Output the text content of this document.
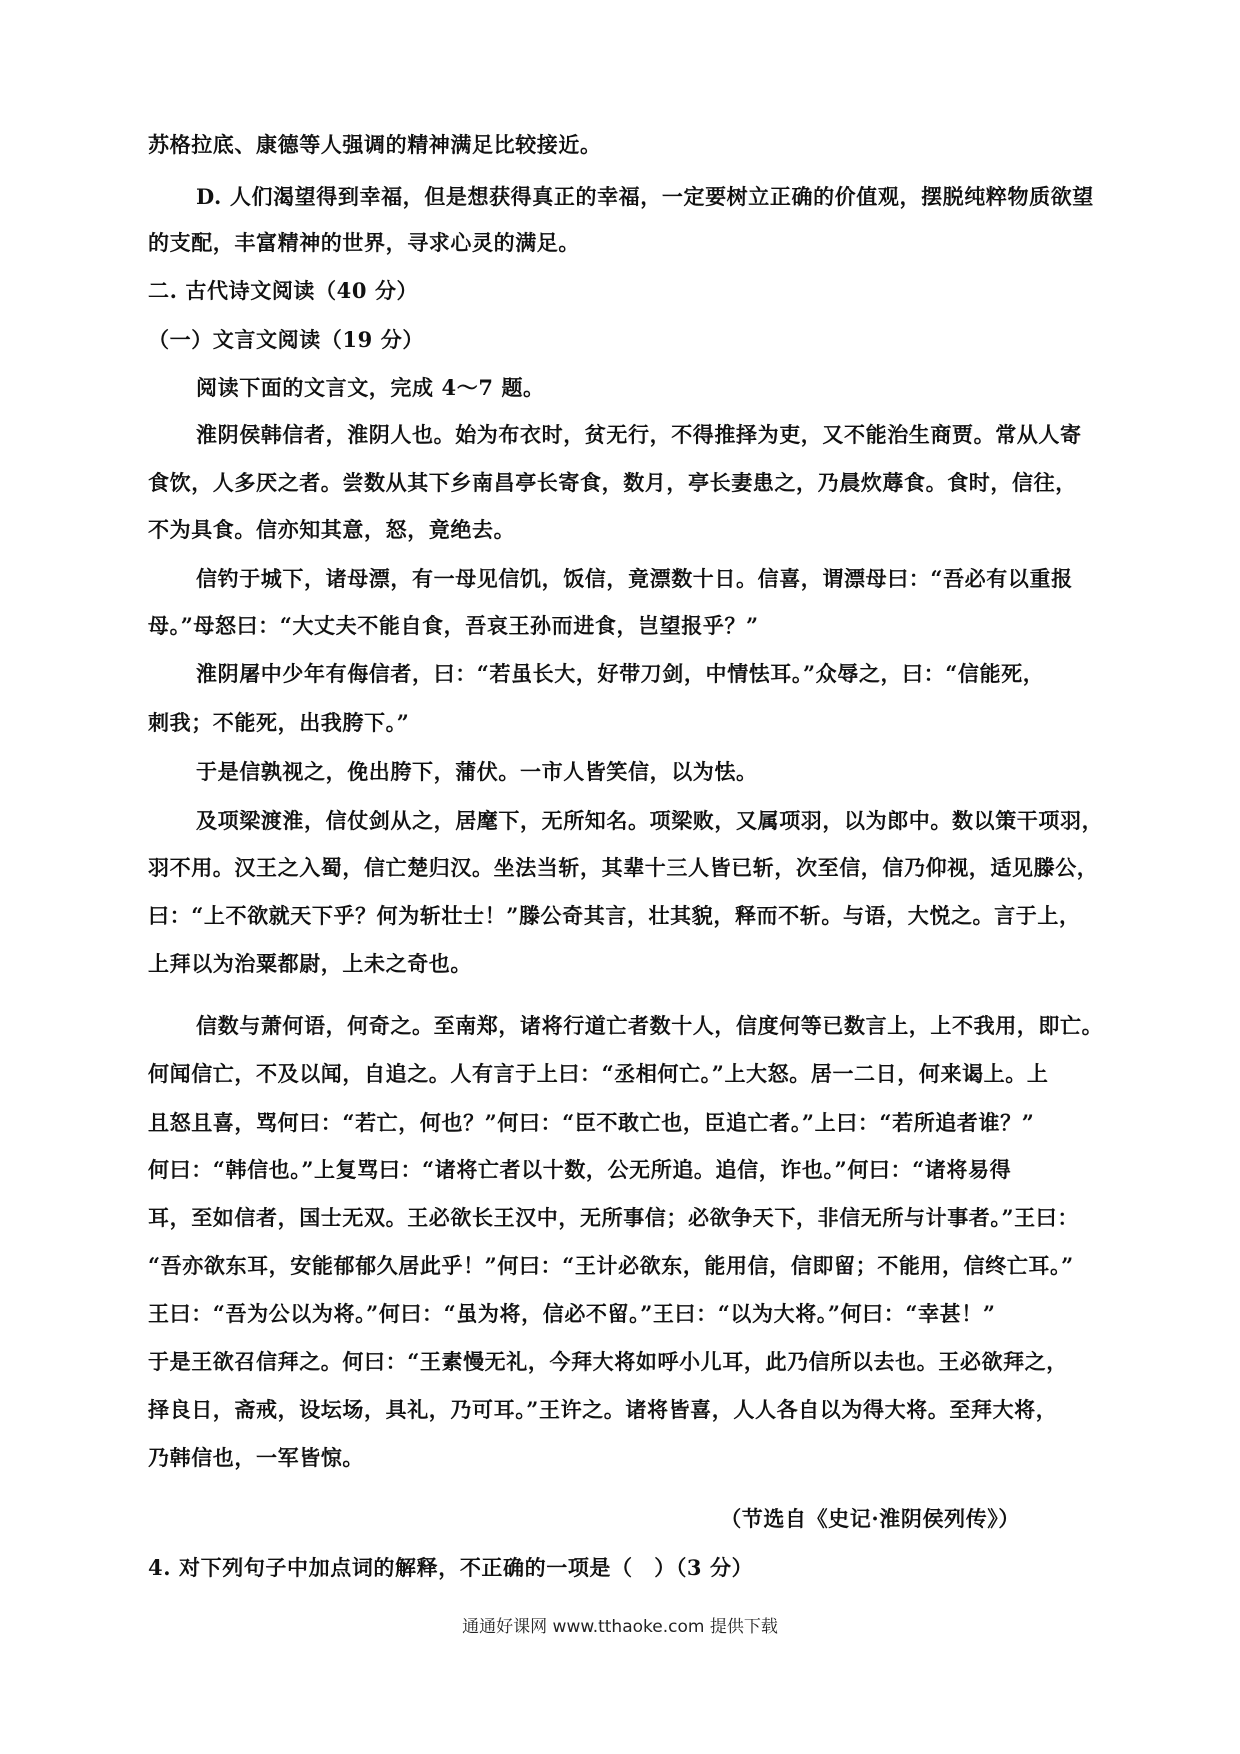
苏格拉底、康德等人强调的精神满足比较接近。
D. 人们渴望得到幸福，但是想获得真正的幸福，一定要树立正确的价值观，摆脱纯粹物质欲望
的支配，丰富精神的世界，寻求心灵的满足。
二. 古代诗文阅读（40 分）
（一）文言文阅读（19 分）
阅读下面的文言文，完成 4～7 题。
淮阴侯韩信者，淮阴人也。始为布衣时，贫无行，不得推择为吏，又不能治生商贾。常从人寄
食饮，人多厌之者。尝数从其下乡南昌亭长寄食，数月，亭长妻患之，乃晨炊蓐食。食时，信往，
不为具食。信亦知其意，怒，竟绝去。
信钓于城下，诸母漂，有一母见信饥，饭信，竟漂数十日。信喜，谓漂母曰：“吾必有以重报
母。”母怒曰：“大丈夫不能自食，吾哀王孙而进食，岂望报乎？”
淮阴屠中少年有侮信者，曰：“若虽长大，好带刀剑，中情怯耳。”众辱之，曰：“信能死，
刺我；不能死，出我胯下。”
于是信孰视之，俛出胯下，蒲伏。一市人皆笑信，以为怯。
及项梁渡淮，信仗剑从之，居麾下，无所知名。项梁败，又属项羽，以为郎中。数以策干项羽，
羽不用。汉王之入蜀，信亡楚归汉。坐法当斩，其辈十三人皆已斩，次至信，信乃仰视，适见滕公，
曰：“上不欲就天下乎？何为斩壮士！”滕公奇其言，壮其貌，释而不斩。与语，大悦之。言于上，
上拜以为治粟都尉，上未之奇也。
信数与萧何语，何奇之。至南郑，诸将行道亡者数十人，信度何等已数言上，上不我用，即亡。
何闻信亡，不及以闻，自追之。人有言于上曰：“丞相何亡。”上大怒。居一二日，何来谒上。上
且怒且喜，骂何曰：“若亡，何也？”何曰：“臣不敢亡也，臣追亡者。”上曰：“若所追者谁？”
何曰：“韩信也。”上复骂曰：“诸将亡者以十数，公无所追。追信，诈也。”何曰：“诸将易得
耳，至如信者，国士无双。王必欲长王汉中，无所事信；必欲争天下，非信无所与计事者。”王曰：
“吾亦欲东耳，安能郁郁久居此乎！”何曰：“王计必欲东，能用信，信即留；不能用，信终亡耳。”
王曰：“吾为公以为将。”何曰：“虽为将，信必不留。”王曰：“以为大将。”何曰：“幸甚！”
于是王欲召信拜之。何曰：“王素慢无礼，今拜大将如呼小儿耳，此乃信所以去也。王必欲拜之，
择良日，斋戒，设坛场，具礼，乃可耳。”王许之。诸将皆喜，人人各自以为得大将。至拜大将，
乃韩信也，一军皆惊。
（节选自《史记·淮阴侯列传》）
4. 对下列句子中加点词的解释，不正确的一项是（　）（3 分）
通通好课网 www.tthaoke.com 提供下载
